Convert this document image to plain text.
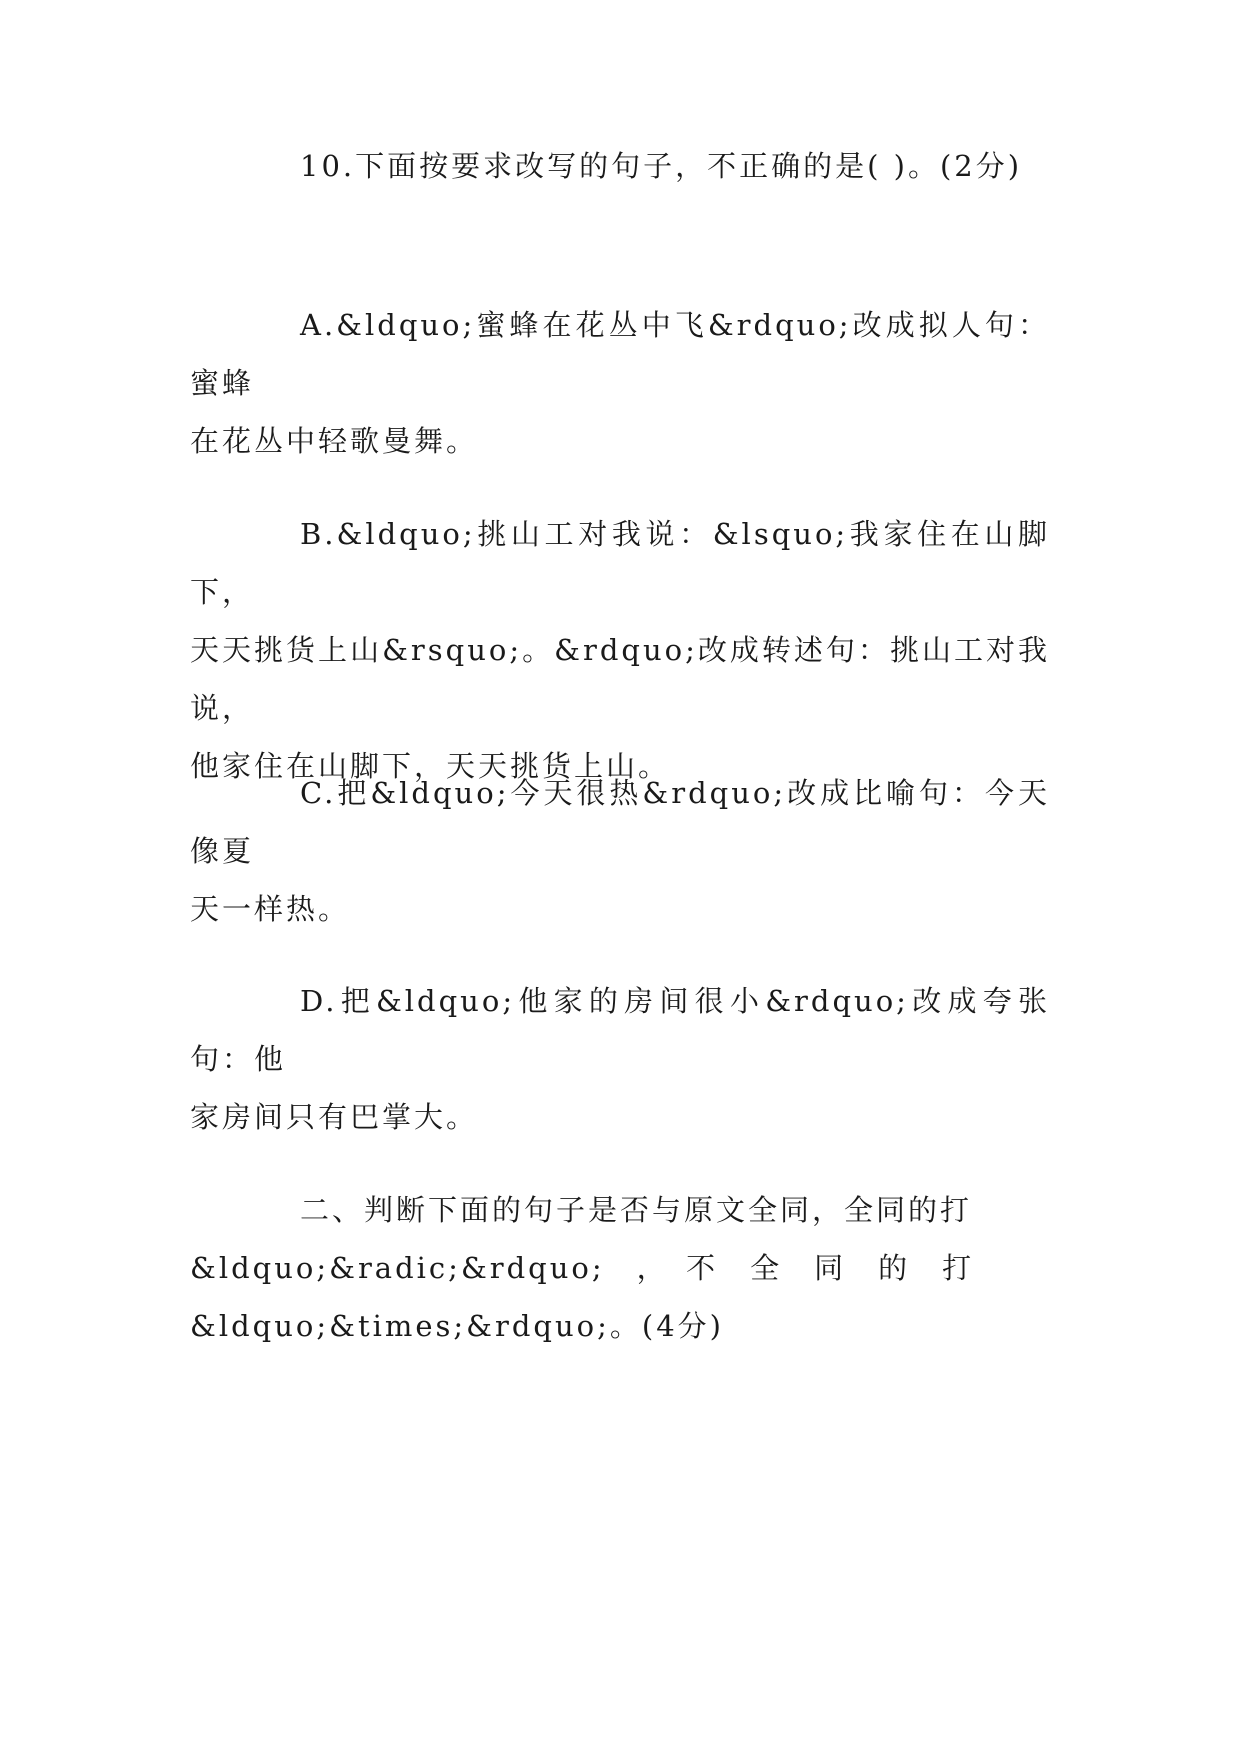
10.下面按要求改写的句子，不正确的是( )。(2分)
A.&ldquo;蜜蜂在花丛中飞&rdquo;改成拟人句：蜜蜂
在花丛中轻歌曼舞。
B.&ldquo;挑山工对我说：&lsquo;我家住在山脚下，
天天挑货上山&rsquo;。&rdquo;改成转述句：挑山工对我说，
他家住在山脚下，天天挑货上山。
C.把&ldquo;今天很热&rdquo;改成比喻句：今天像夏
天一样热。
D.把&ldquo;他家的房间很小&rdquo;改成夸张句：他
家房间只有巴掌大。
二、判断下面的句子是否与原文全同，全同的打
&ldquo;&radic;&rdquo;　，　不　全　同　的　打
&ldquo;&times;&rdquo;。(4分)
